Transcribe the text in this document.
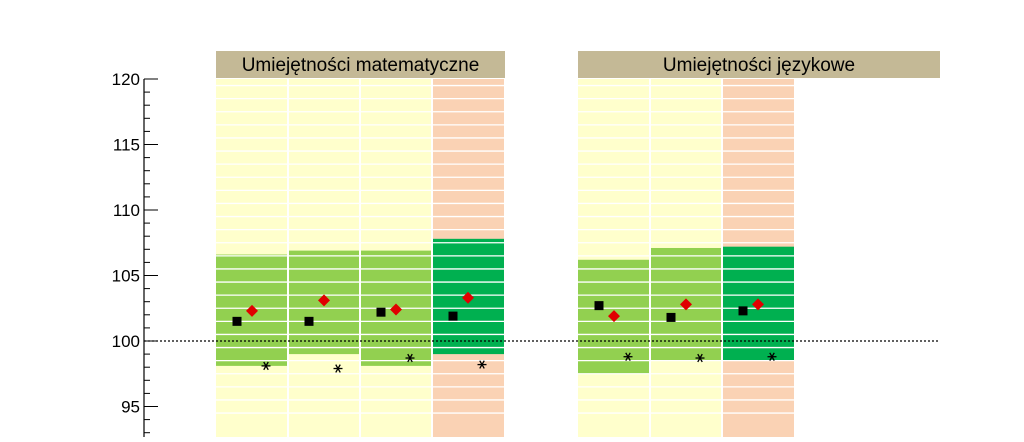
Umiejętności matematyczne	Umiejętności językowe
95
100
105
110
115
120
